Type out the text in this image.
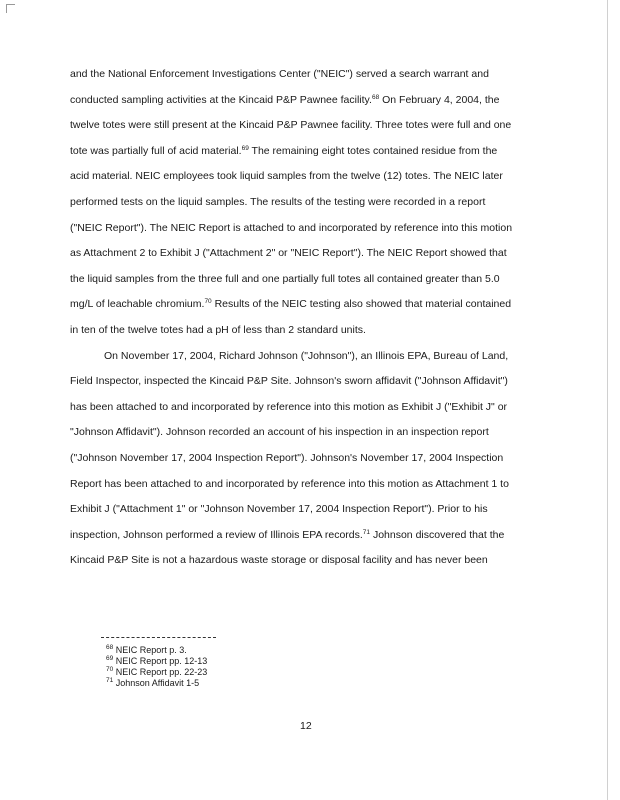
and the National Enforcement Investigations Center ("NEIC") served a search warrant and
conducted sampling activities at the Kincaid P&P Pawnee facility.$^{68}$ On February 4, 2004, the
twelve totes were still present at the Kincaid P&P Pawnee facility. Three totes were full and one
tote was partially full of acid material.$^{69}$ The remaining eight totes contained residue from the
acid material. NEIC employees took liquid samples from the twelve (12) totes. The NEIC later
performed tests on the liquid samples. The results of the testing were recorded in a report
("NEIC Report"). The NEIC Report is attached to and incorporated by reference into this motion
as Attachment 2 to Exhibit J ("Attachment 2" or "NEIC Report"). The NEIC Report showed that
the liquid samples from the three full and one partially full totes all contained greater than 5.0
mg/L of leachable chromium.$^{70}$ Results of the NEIC testing also showed that material contained
in ten of the twelve totes had a pH of less than 2 standard units.
On November 17, 2004, Richard Johnson ("Johnson"), an Illinois EPA, Bureau of Land,
Field Inspector, inspected the Kincaid P&P Site. Johnson's sworn affidavit ("Johnson Affidavit")
has been attached to and incorporated by reference into this motion as Exhibit J ("Exhibit J" or
"Johnson Affidavit"). Johnson recorded an account of his inspection in an inspection report
("Johnson November 17, 2004 Inspection Report"). Johnson's November 17, 2004 Inspection
Report has been attached to and incorporated by reference into this motion as Attachment 1 to
Exhibit J ("Attachment 1" or "Johnson November 17, 2004 Inspection Report"). Prior to his
inspection, Johnson performed a review of Illinois EPA records.$^{71}$ Johnson discovered that the
Kincaid P&P Site is not a hazardous waste storage or disposal facility and has never been
$^{68}$ NEIC Report p. 3.
$^{69}$ NEIC Report pp. 12-13
$^{70}$ NEIC Report pp. 22-23
$^{71}$ Johnson Affidavit 1-5
12
